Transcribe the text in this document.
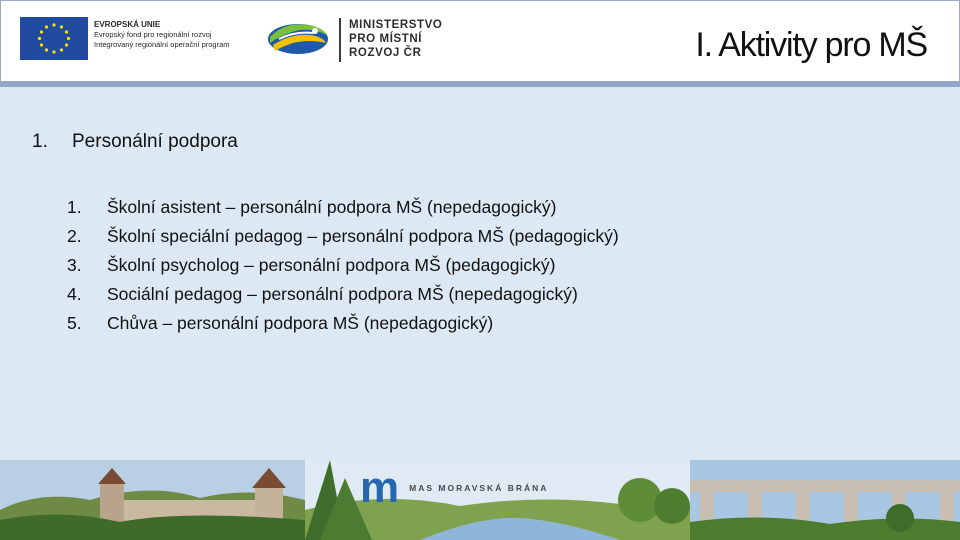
EVROPSKÁ UNIE
Evropský fond pro regionální rozvoj
Integrovaný regionální operační program
MINISTERSTVO
PRO MÍSTNÍ
ROZVOJ ČR	I. Aktivity pro MŠ
1.	Personální podpora
1.	Školní asistent – personální podpora MŠ (nepedagogický)
2.	Školní speciální pedagog – personální podpora MŠ (pedagogický)
3.	Školní psycholog – personální podpora MŠ (pedagogický)
4.	Sociální pedagog – personální podpora MŠ (nepedagogický)
5.	Chůva – personální podpora MŠ (nepedagogický)
m MAS MORAVSKÁ BRÁNA
